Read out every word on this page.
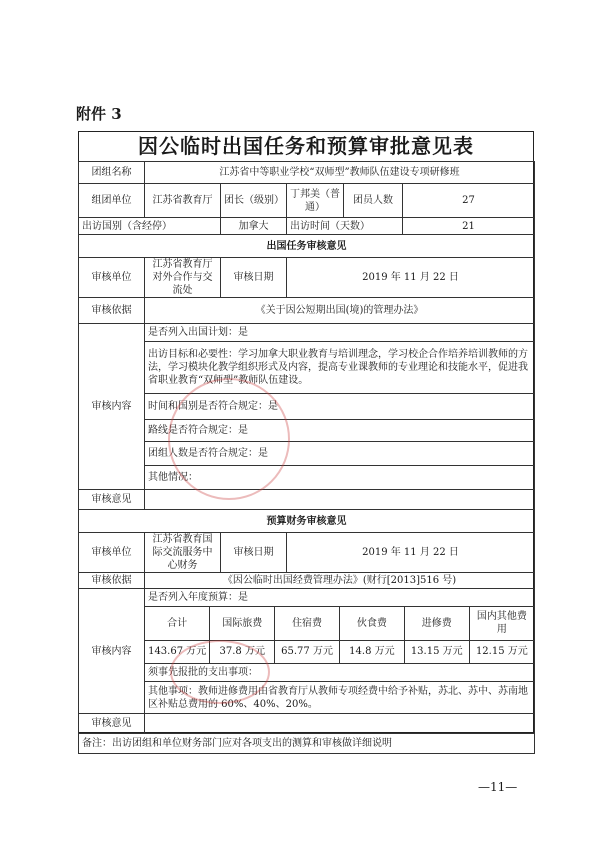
附件 3
因公临时出国任务和预算审批意见表
团组名称	江苏省中等职业学校“双师型”教师队伍建设专项研修班
组团单位	江苏省教育厅	团长（级别）	丁邦美（普通）	团员人数	27
出访国别（含经停）	加拿大	出访时间（天数）	21
出国任务审核意见
审核单位	江苏省教育厅对外合作与交流处	审核日期	2019 年 11 月 22 日
审核依据	《关于因公短期出国(境)的管理办法》
审核内容	是否列入出国计划：是
出访目标和必要性：学习加拿大职业教育与培训理念，学习校企合作培养培训教师的方法，学习模块化教学组织形式及内容，提高专业课教师的专业理论和技能水平，促进我省职业教育“双师型”教师队伍建设。
时间和国别是否符合规定：是
路线是否符合规定：是
团组人数是否符合规定：是
其他情况：
审核意见	
预算财务审核意见
审核单位	江苏省教育国际交流服务中心财务	审核日期	2019 年 11 月 22 日
审核依据	《因公临时出国经费管理办法》(财行[2013]516 号)
审核内容	是否列入年度预算：是

合计	国际旅费	住宿费	伙食费	进修费	国内其他费用
143.67 万元	37.8 万元	65.77 万元	14.8 万元	13.15 万元	12.15 万元

须事先报批的支出事项：
其他事项：教师进修费用由省教育厅从教师专项经费中给予补贴，苏北、苏中、苏南地区补贴总费用的 60%、40%、20%。
审核意见	
备注：出访团组和单位财务部门应对各项支出的测算和审核做详细说明
—11—
